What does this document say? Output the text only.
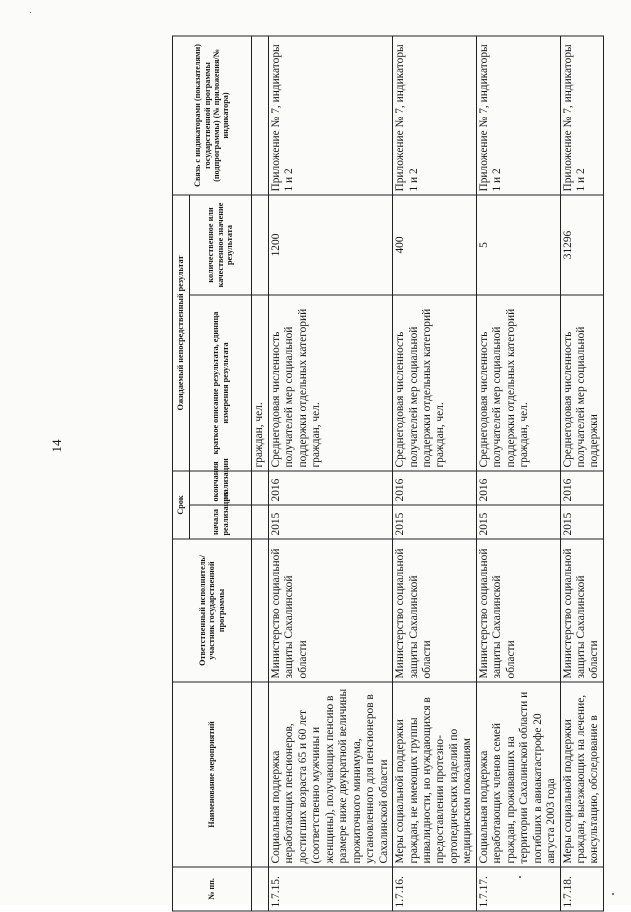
14
№ пп.	Наименование мероприятий	Ответственный исполнитель/участник государственной программы	Срок		Ожидаемый непосредственный результат		Связь с индикаторами (показателями) государственной программы (подпрограммы) (№ приложения/№ индикатора)
			начала реализации	окончания реализации	краткое описание результата, единица измерения результата	количественное или качественное значение результата	
					граждан, чел.		
1.7.15.	Социальная поддержка неработающих пенсионеров, достигших возраста 65 и 60 лет (соответственно мужчины и женщины), получающих пенсию в размере ниже двукратной величины прожиточного минимума, установленного для пенсионеров в Сахалинской области	Министерство социальной защиты Сахалинской области	2015	2016	Среднегодовая численность получателей мер социальной поддержки отдельных категорий граждан, чел.	1200	Приложение № 7, индикаторы 1 и 2
1.7.16.	Меры социальной поддержки граждан, не имеющих группы инвалидности, но нуждающихся в предоставлении протезно-ортопедических изделий по медицинским показаниям	Министерство социальной защиты Сахалинской области	2015	2016	Среднегодовая численность получателей мер социальной поддержки отдельных категорий граждан, чел.	400	Приложение № 7, индикаторы 1 и 2
1.7.17.	Социальная поддержка неработающих членов семей граждан, проживавших на территории Сахалинской области и погибших в авиакатастрофе 20 августа 2003 года	Министерство социальной защиты Сахалинской области	2015	2016	Среднегодовая численность получателей мер социальной поддержки отдельных категорий граждан, чел.	5	Приложение № 7, индикаторы 1 и 2
1.7.18.	Меры социальной поддержки граждан, выезжающих на лечение, консультацию, обследование в	Министерство социальной защиты Сахалинской области	2015	2016	Среднегодовая численность получателей мер социальной поддержки	31296	Приложение № 7, индикаторы 1 и 2
